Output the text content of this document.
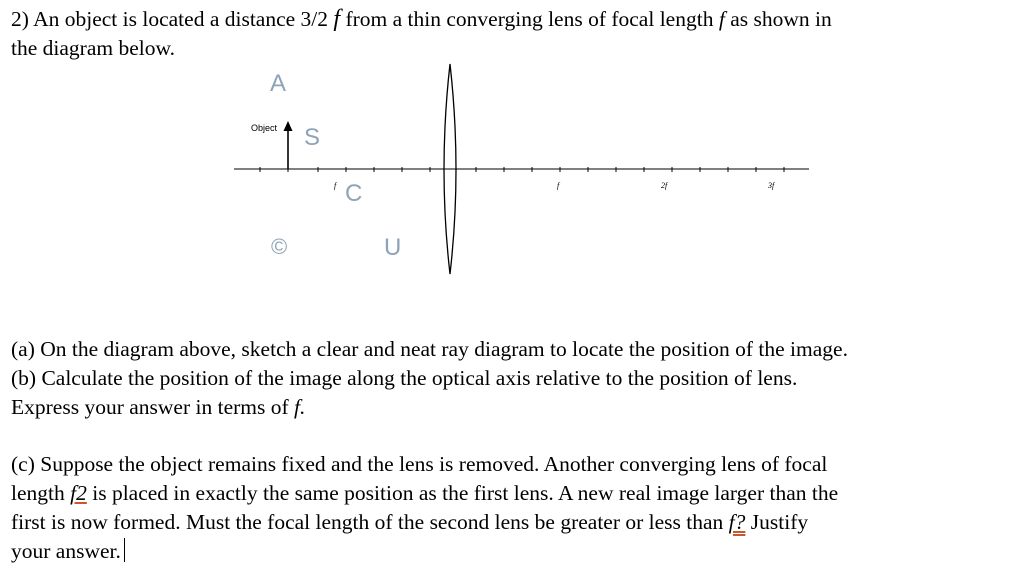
2) An object is located a distance 3/2 f from a thin converging lens of focal length f as shown in
the diagram below.

Object
f	f	2f	3f
A
S
C
©	U

(a) On the diagram above, sketch a clear and neat ray diagram to locate the position of the image.
(b) Calculate the position of the image along the optical axis relative to the position of lens.
Express your answer in terms of f.

(c) Suppose the object remains fixed and the lens is removed. Another converging lens of focal
length f2 is placed in exactly the same position as the first lens. A new real image larger than the
first is now formed. Must the focal length of the second lens be greater or less than f? Justify
your answer.
